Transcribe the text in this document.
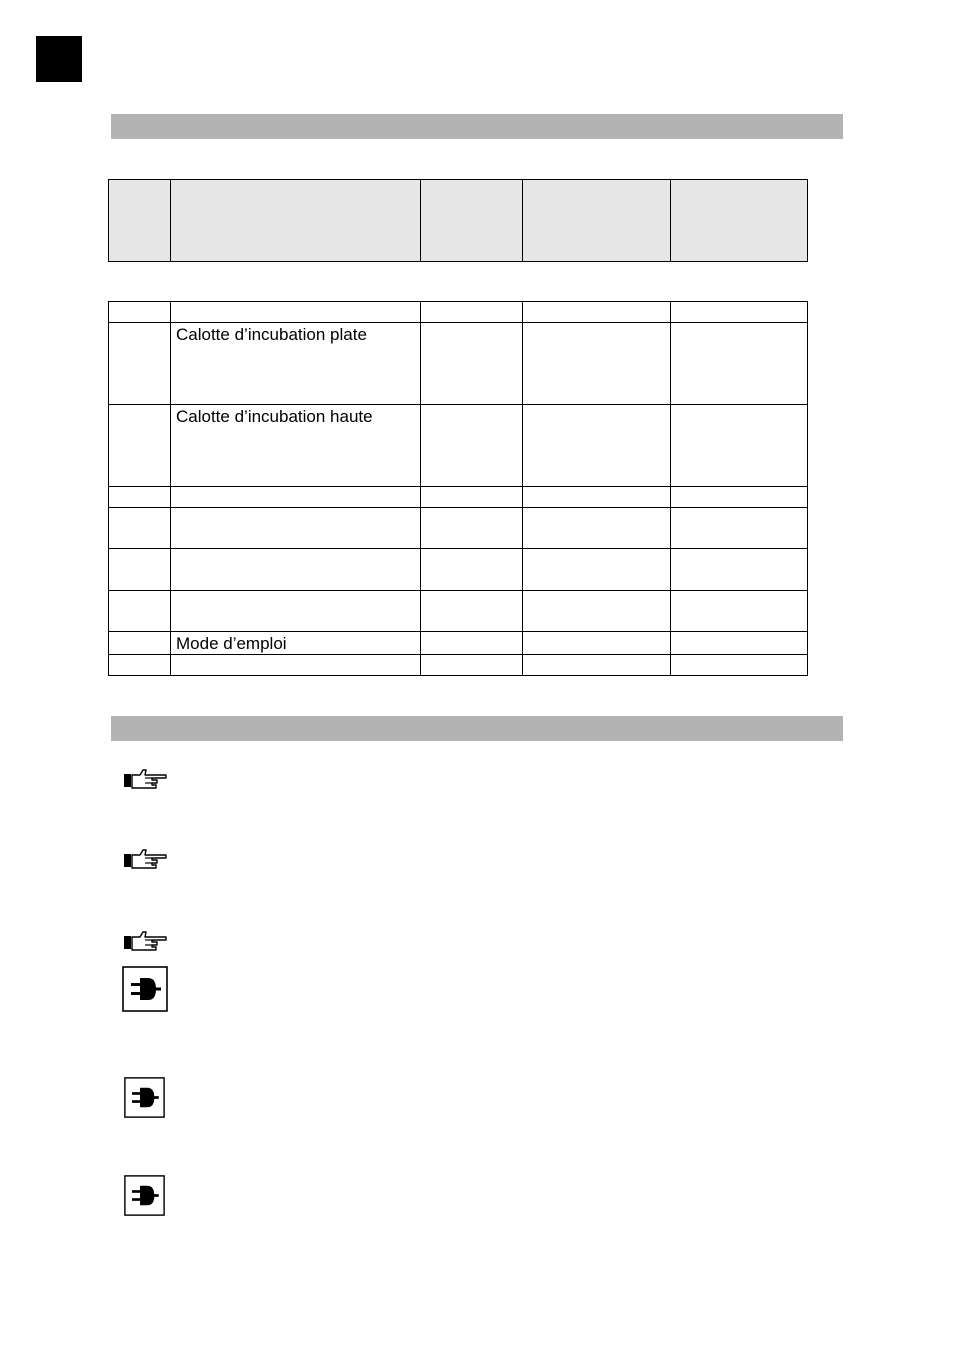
	Calotte d’incubation plate			

	Calotte d’incubation haute			

	Mode d’emploi			
